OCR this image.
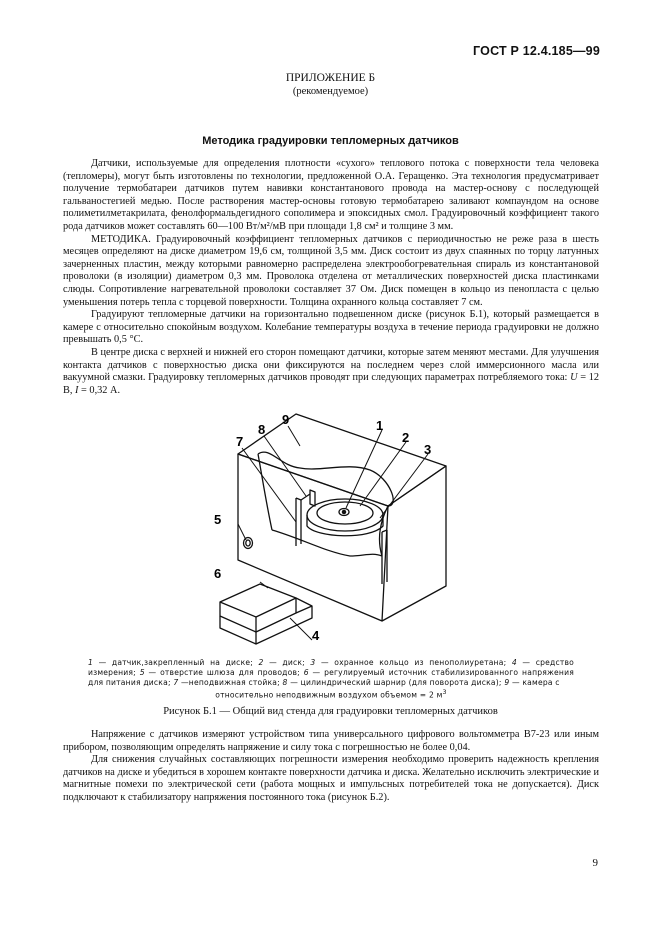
ГОСТ Р 12.4.185—99
ПРИЛОЖЕНИЕ Б
(рекомендуемое)
Методика градуировки тепломерных датчиков

Датчики, используемые для определения плотности «сухого» теплового потока с поверхности тела человека (тепломеры), могут быть изготовлены по технологии, предложенной О.А. Геращенко. Эта технология предусматривает получение термобатареи датчиков путем навивки константанового провода на мастер-основу с последующей гальваностегией медью. После растворения мастер-основы готовую термобатарею заливают компаундом на основе полиметилметакрилата, фенолформальдегидного сополимера и эпоксидных смол. Градуировочный коэффициент такого рода датчиков может составлять 60—100 Вт/м²/мВ при площади 1,8 см² и толщине 3 мм.

МЕТОДИКА. Градуировочный коэффициент тепломерных датчиков с периодичностью не реже раза в шесть месяцев определяют на диске диаметром 19,6 см, толщиной 3,5 мм. Диск состоит из двух спаянных по торцу латунных зачерненных пластин, между которыми равномерно распределена электрообогревательная спираль из константановой проволоки (в изоляции) диаметром 0,3 мм. Проволока отделена от металлических поверхностей диска пластинками слюды. Сопротивление нагревательной проволоки составляет 37 Ом. Диск помещен в кольцо из пенопласта с целью уменьшения потерь тепла с торцевой поверхности. Толщина охранного кольца составляет 7 см.

Градуируют тепломерные датчики на горизонтально подвешенном диске (рисунок Б.1), который размещается в камере с относительно спокойным воздухом. Колебание температуры воздуха в течение периода градуировки не должно превышать 0,5 °С.

В центре диска с верхней и нижней его сторон помещают датчики, которые затем меняют местами. Для улучшения контакта датчиков с поверхностью диска они фиксируются на последнем через слой иммерсионного масла или вакуумной смазки. Градуировку тепломерных датчиков проводят при следующих параметрах потребляемого тока: U = 12 В, I = 0,32 А.

1
2
3
4
5
6
7
8
9
1 — датчик,закрепленный на диске; 2 — диск; 3 — охранное кольцо из пенополиуретана; 4 — средство измерения; 5 — отверстие шлюза для проводов; 6 — регулируемый источник стабилизированного напряжения для питания диска; 7 —неподвижная стойка; 8 — цилиндрический шарнир (для поворота диска); 9 — камера с
относительно неподвижным воздухом объемом = 2 $м^3$
Рисунок Б.1 — Общий вид стенда для градуировки тепломерных датчиков

Напряжение с датчиков измеряют устройством типа универсального цифрового вольтомметра В7-23 или иным прибором, позволяющим определять напряжение и силу тока с погрешностью не более 0,04.

Для снижения случайных составляющих погрешности измерения необходимо проверить надежность крепления датчиков на диске и убедиться в хорошем контакте поверхности датчика и диска. Желательно исключить электрические и магнитные помехи по электрической сети (работа мощных и импульсных потребителей тока не допускается). Диск подключают к стабилизатору напряжения постоянного тока (рисунок Б.2).

9
